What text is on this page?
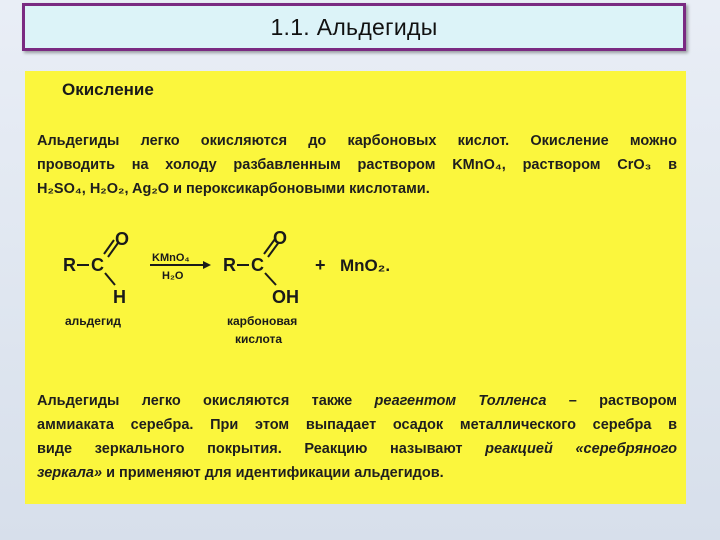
1.1. Альдегиды
Окисление
Альдегиды легко окисляются до карбоновых кислот. Окисление можно
проводить на холоду разбавленным раствором KMnO₄, раствором CrO₃ в
H₂SO₄, H₂O₂, Ag₂O и пероксикарбоновыми кислотами.
R C
O
H
KMnO₄
H₂O
R C
O
OH
+ MnO₂.
альдегид	карбоновая
кислота
Альдегиды легко окисляются также реагентом Толленса – раствором
аммиаката серебра. При этом выпадает осадок металлического серебра в
виде зеркального покрытия. Реакцию называют реакцией «серебряного
зеркала» и применяют для идентификации альдегидов.
